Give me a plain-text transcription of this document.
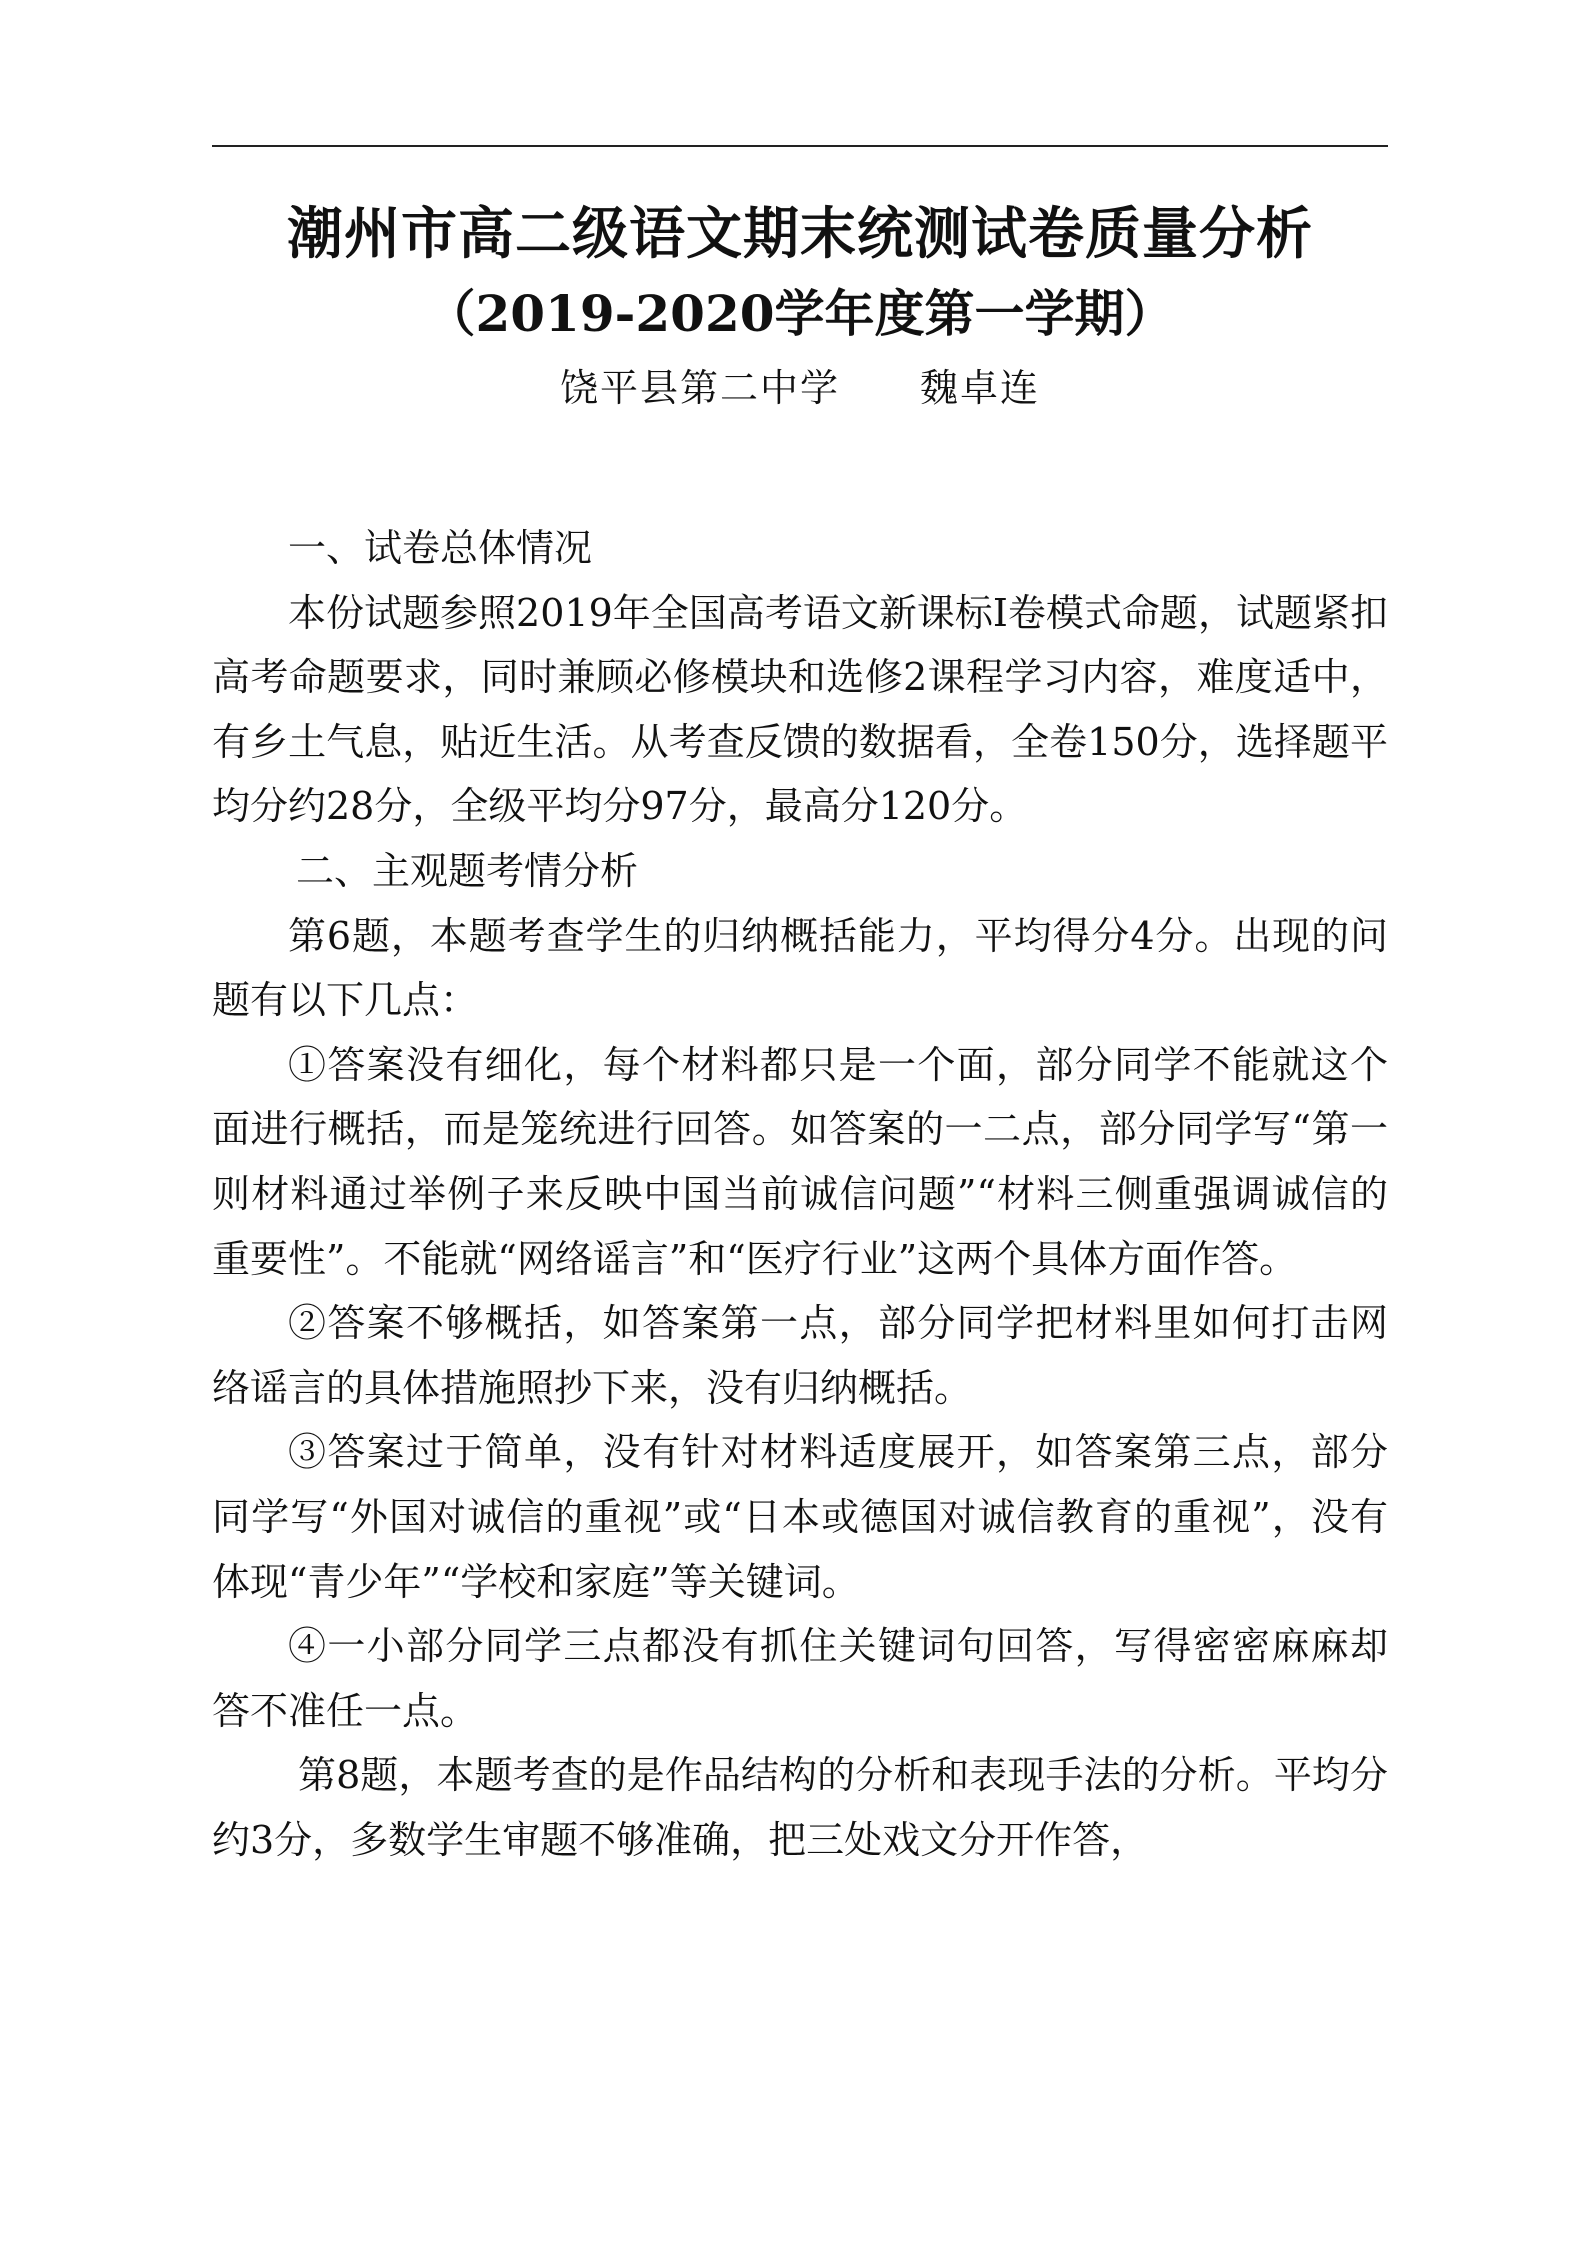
潮州市高二级语文期末统测试卷质量分析
（2019-2020学年度第一学期）
饶平县第二中学 魏卓连

一、试卷总体情况

本份试题参照2019年全国高考语文新课标Ⅰ卷模式命题，试题紧扣高考命题要求，同时兼顾必修模块和选修2课程学习内容，难度适中，有乡土气息，贴近生活。从考查反馈的数据看，全卷150分，选择题平均分约28分，全级平均分97分，最高分120分。

二、主观题考情分析

第6题，本题考查学生的归纳概括能力，平均得分4分。出现的问题有以下几点：

①答案没有细化，每个材料都只是一个面，部分同学不能就这个面进行概括，而是笼统进行回答。如答案的一二点，部分同学写“第一则材料通过举例子来反映中国当前诚信问题”“材料三侧重强调诚信的重要性”。不能就“网络谣言”和“医疗行业”这两个具体方面作答。

②答案不够概括，如答案第一点，部分同学把材料里如何打击网络谣言的具体措施照抄下来，没有归纳概括。

③答案过于简单，没有针对材料适度展开，如答案第三点，部分同学写“外国对诚信的重视”或“日本或德国对诚信教育的重视”，没有体现“青少年”“学校和家庭”等关键词。

④一小部分同学三点都没有抓住关键词句回答，写得密密麻麻却答不准任一点。

第8题，本题考查的是作品结构的分析和表现手法的分析。平均分约3分，多数学生审题不够准确，把三处戏文分开作答，
